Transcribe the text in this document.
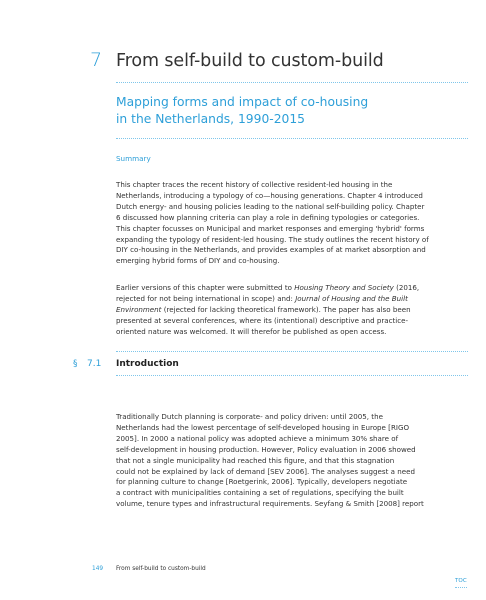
7 From self-build to custom-build
Mapping forms and impact of co-housing
in the Netherlands, 1990-2015
Summary
This chapter traces the recent history of collective resident-led housing in the
Netherlands, introducing a typology of co—housing generations. Chapter 4 introduced
Dutch energy- and housing policies leading to the national self-building policy. Chapter
6 discussed how planning criteria can play a role in defining typologies or categories.
This chapter focusses on Municipal and market responses and emerging 'hybrid' forms
expanding the typology of resident-led housing. The study outlines the recent history of
DIY co-housing in the Netherlands, and provides examples of at market absorption and
emerging hybrid forms of DIY and co-housing.
Earlier versions of this chapter were submitted to Housing Theory and Society (2016,
rejected for not being international in scope) and: Journal of Housing and the Built
Environment (rejected for lacking theoretical framework). The paper has also been
presented at several conferences, where its (intentional) descriptive and practice-
oriented nature was welcomed. It will therefor be published as open access.
§ 7.1 Introduction
Traditionally Dutch planning is corporate- and policy driven: until 2005, the
Netherlands had the lowest percentage of self-developed housing in Europe [RIGO
2005]. In 2000 a national policy was adopted achieve a minimum 30% share of
self-development in housing production. However, Policy evaluation in 2006 showed
that not a single municipality had reached this figure, and that this stagnation
could not be explained by lack of demand [SEV 2006]. The analyses suggest a need
for planning culture to change [Roetgerink, 2006]. Typically, developers negotiate
a contract with municipalities containing a set of regulations, specifying the built
volume, tenure types and infrastructural requirements. Seyfang & Smith [2008] report
149 From self-build to custom-build
TOC
